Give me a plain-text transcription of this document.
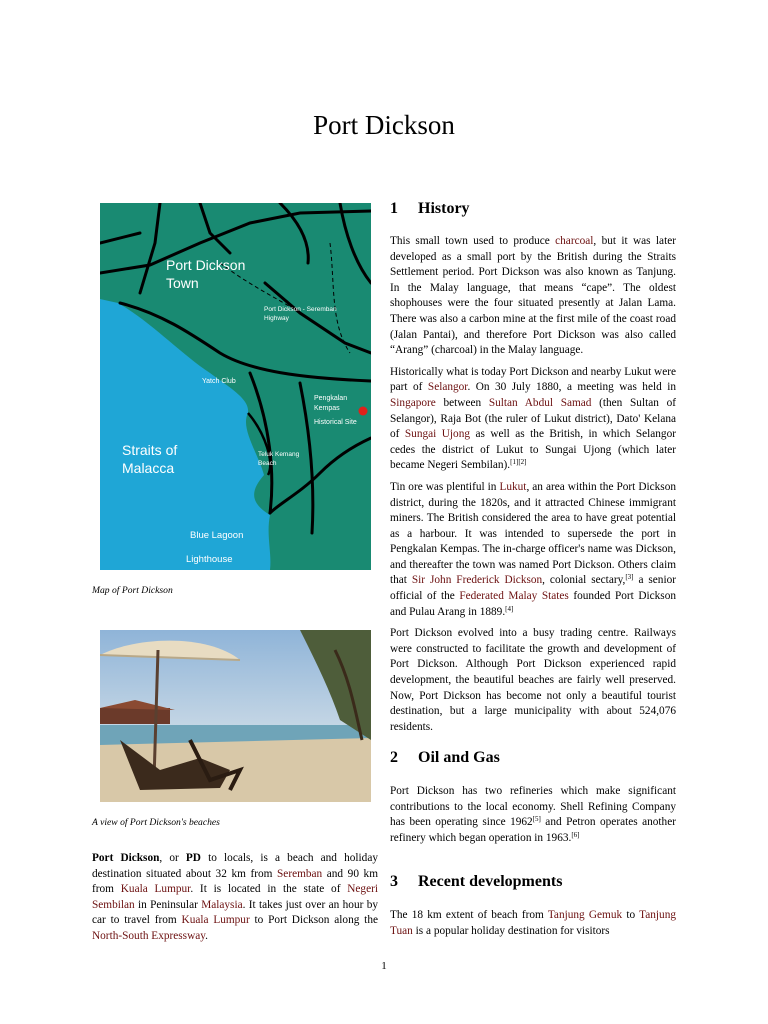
Port Dickson
Port Dickson
Town
Port Dickson - Seremban
Highway
Yatch Club
Pengkalan
Kempas
Historical Site
Teluk Kemang
Beach
Straits of
Malacca
Blue Lagoon
Lighthouse
Map of Port Dickson
A view of Port Dickson's beaches

Port Dickson, or PD to locals, is a beach and holiday destination situated about 32 km from Seremban and 90 km from Kuala Lumpur. It is located in the state of Negeri Sembilan in Peninsular Malaysia. It takes just over an hour by car to travel from Kuala Lumpur to Port Dickson along the North-South Expressway.

1 History

This small town used to produce charcoal, but it was later developed as a small port by the British during the Straits Settlement period. Port Dickson was also known as Tanjung. In the Malay language, that means “cape”. The oldest shophouses were the four situated presently at Jalan Lama. There was also a carbon mine at the first mile of the coast road (Jalan Pantai), and therefore Port Dickson was also called “Arang” (charcoal) in the Malay language.

Historically what is today Port Dickson and nearby Lukut were part of Selangor. On 30 July 1880, a meeting was held in Singapore between Sultan Abdul Samad (then Sultan of Selangor), Raja Bot (the ruler of Lukut district), Dato' Kelana of Sungai Ujong as well as the British, in which Selangor cedes the district of Lukut to Sungai Ujong (which later became Negeri Sembilan).[1][2]

Tin ore was plentiful in Lukut, an area within the Port Dickson district, during the 1820s, and it attracted Chinese immigrant miners. The British considered the area to have great potential as a harbour. It was intended to supersede the port in Pengkalan Kempas. The in-charge officer's name was Dickson, and thereafter the town was named Port Dickson. Others claim that Sir John Frederick Dickson, colonial sectary,[3] a senior official of the Federated Malay States founded Port Dickson and Pulau Arang in 1889.[4]

Port Dickson evolved into a busy trading centre. Railways were constructed to facilitate the growth and development of Port Dickson. Although Port Dickson experienced rapid development, the beautiful beaches are fairly well preserved. Now, Port Dickson has become not only a beautiful tourist destination, but a large municipality with about 524,076 residents.

2 Oil and Gas

Port Dickson has two refineries which make significant contributions to the local economy. Shell Refining Company has been operating since 1962[5] and Petron operates another refinery which began operation in 1963.[6]

3 Recent developments

The 18 km extent of beach from Tanjung Gemuk to Tanjung Tuan is a popular holiday destination for visitors

1
